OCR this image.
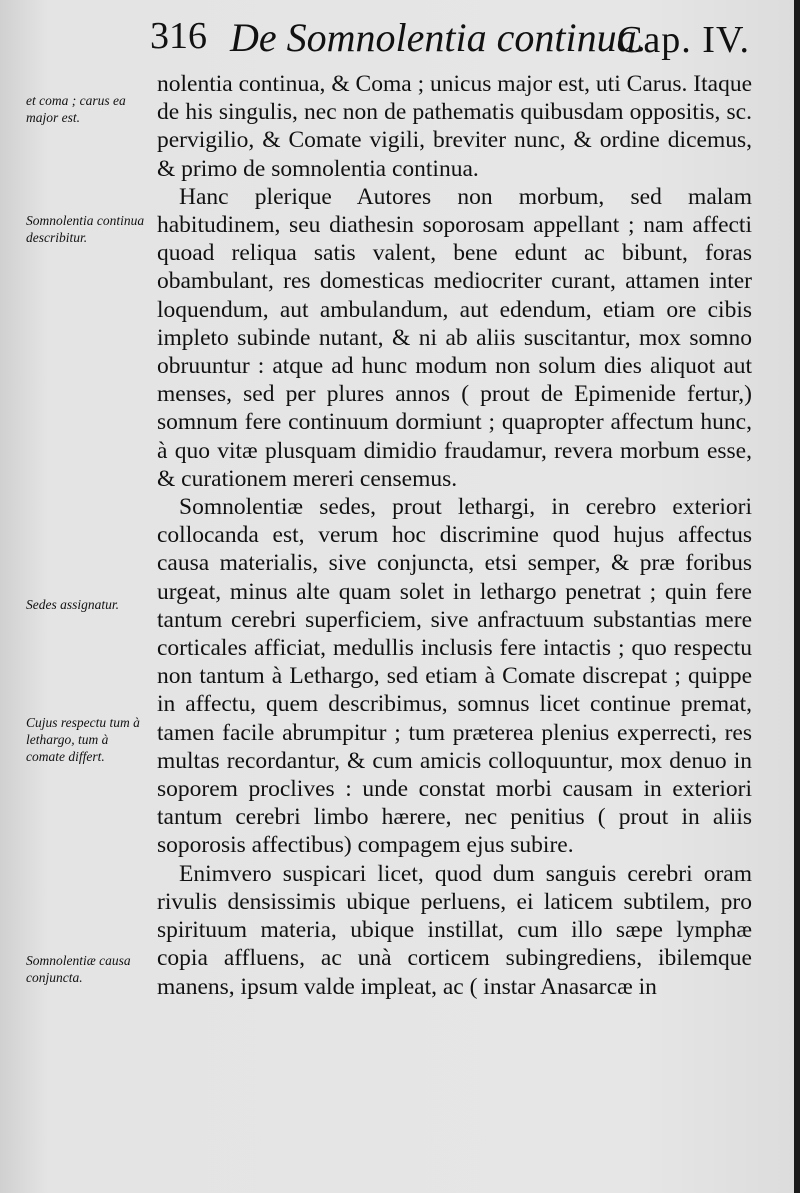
316 De Somnolentia continua.
Cap. IV.
et coma ; carus ea major est.
Somnolentia continua describitur.
Sedes assignatur.
Cujus respectu tum à lethargo, tum à comate differt.
Somnolentiæ causa conjuncta.

nolentia continua, & Coma ; unicus major est, uti Carus. Itaque de his singulis, nec non de pathematis quibusdam oppositis, sc. pervigilio, & Comate vigili, breviter nunc, & ordine dicemus, & primo de somnolentia continua.

Hanc plerique Autores non morbum, sed malam habitudinem, seu diathesin soporosam appellant ; nam affecti quoad reliqua satis valent, bene edunt ac bibunt, foras obambulant, res domesticas mediocriter curant, attamen inter loquendum, aut ambulandum, aut edendum, etiam ore cibis impleto subinde nutant, & ni ab aliis suscitantur, mox somno obruuntur : atque ad hunc modum non solum dies aliquot aut menses, sed per plures annos ( prout de Epimenide fertur,) somnum fere continuum dormiunt ; quapropter affectum hunc, à quo vitæ plusquam dimidio fraudamur, revera morbum esse, & curationem mereri censemus.

Somnolentiæ sedes, prout lethargi, in cerebro exteriori collocanda est, verum hoc discrimine quod hujus affectus causa materialis, sive conjuncta, etsi semper, & præ foribus urgeat, minus alte quam solet in lethargo penetrat ; quin fere tantum cerebri superficiem, sive anfractuum substantias mere corticales afficiat, medullis inclusis fere intactis ; quo respectu non tantum à Lethargo, sed etiam à Comate discrepat ; quippe in affectu, quem describimus, somnus licet continue premat, tamen facile abrumpitur ; tum præterea plenius experrecti, res multas recordantur, & cum amicis colloquuntur, mox denuo in soporem proclives : unde constat morbi causam in exteriori tantum cerebri limbo hærere, nec penitius ( prout in aliis soporosis affectibus) compagem ejus subire.

Enimvero suspicari licet, quod dum sanguis cerebri oram rivulis densissimis ubique perluens, ei laticem subtilem, pro spirituum materia, ubique instillat, cum illo sæpe lymphæ copia affluens, ac unà corticem subingrediens, ibilemque manens, ipsum valde impleat, ac ( instar Anasarcæ in
